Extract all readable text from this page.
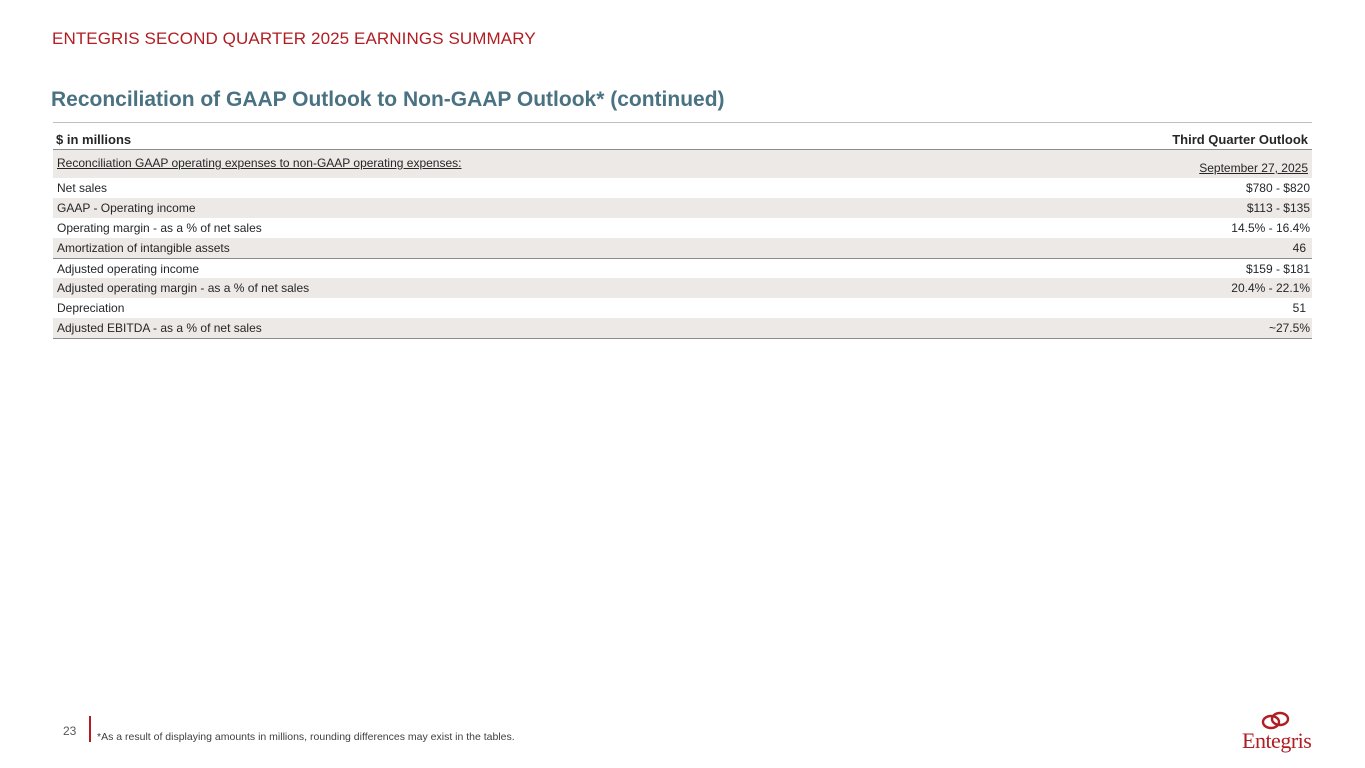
ENTEGRIS SECOND QUARTER 2025 EARNINGS SUMMARY
Reconciliation of GAAP Outlook to Non-GAAP Outlook* (continued)
$ in millions	Third Quarter Outlook
Reconciliation GAAP operating expenses to non-GAAP operating expenses:	September 27, 2025
Net sales	$780 - $820
GAAP - Operating income	$113 - $135
Operating margin - as a % of net sales	14.5% - 16.4%
Amortization of intangible assets	46
Adjusted operating income	$159 - $181
Adjusted operating margin - as a % of net sales	20.4% - 22.1%
Depreciation	51
Adjusted EBITDA - as a % of net sales	~27.5%
23 *As a result of displaying amounts in millions, rounding differences may exist in the tables.	Entegris
